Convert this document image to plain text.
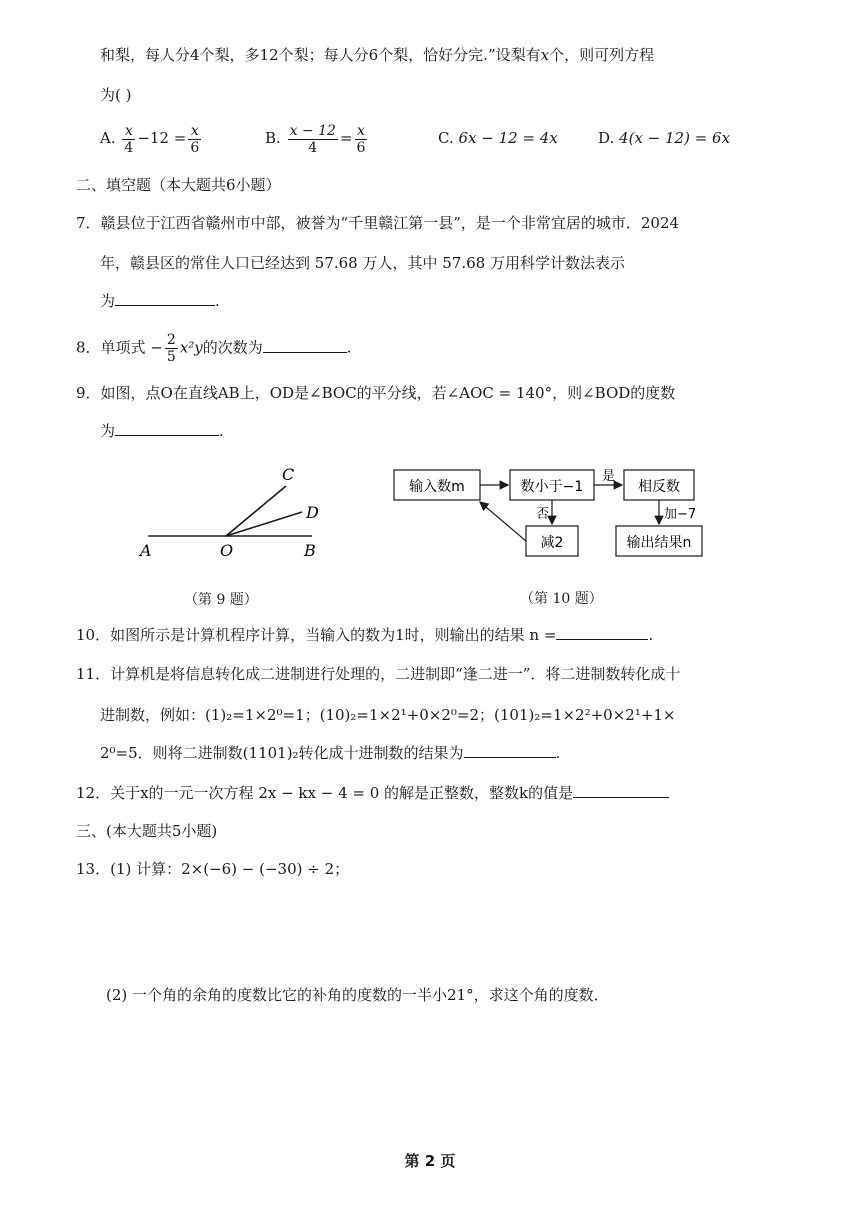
和梨，每人分4个梨，多12个梨；每人分6个梨，恰好分完.”设梨有x个，则可列方程
为( )
A. $\frac{x}{4} -12 = \frac{x}{6}$	B. $\frac{x - 12}{4} = \frac{x}{6}$	C. 6x − 12 = 4x	D. 4(x − 12) = 6x
二、填空题（本大题共6小题）
7．赣县位于江西省赣州市中部，被誉为“千里赣江第一县”，是一个非常宜居的城市．2024
年，赣县区的常住人口已经达到 57.68 万人，其中 57.68 万用科学计数法表示
为	.
8．单项式 − $\frac{2}{5} x^2y$的次数为	.
9．如图，点O在直线AB上，OD是∠BOC的平分线，若∠AOC = 140°，则∠BOD的度数
为	.
A	O	B
C
D
（第 9 题）
输入数m	数小于−1	相反数
减2	输出结果n
是
否	加−7
（第 10 题）
10．如图所示是计算机程序计算，当输入的数为1时，则输出的结果 n =	.
11．计算机是将信息转化成二进制进行处理的，二进制即“逢二进一”．将二进制数转化成十
进制数，例如：(1)₂=1×2⁰=1；(10)₂=1×2¹+0×2⁰=2；(101)₂=1×2²+0×2¹+1×
2⁰=5．则将二进制数(1101)₂转化成十进制数的结果为	.
12．关于x的一元一次方程 2x − kx − 4 = 0 的解是正整数，整数k的值是
三、(本大题共5小题)
13．(1) 计算：2×(−6) − (−30) ÷ 2；
(2) 一个角的余角的度数比它的补角的度数的一半小21°，求这个角的度数．
第 2 页
